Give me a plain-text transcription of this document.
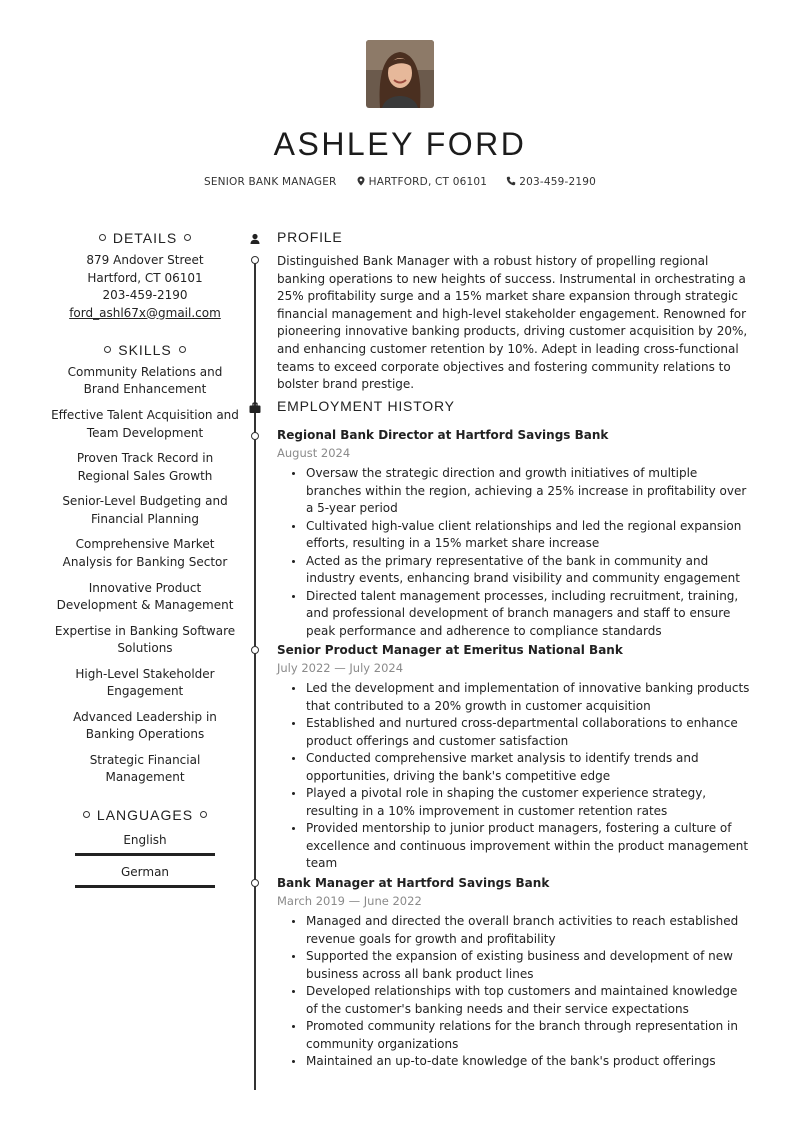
ASHLEY FORD
SENIOR BANK MANAGER	HARTFORD, CT 06101	203-459-2190
DETAILS
879 Andover Street
Hartford, CT 06101
203-459-2190
ford_ashl67x@gmail.com
SKILLS
Community Relations and Brand Enhancement
Effective Talent Acquisition and Team Development
Proven Track Record in Regional Sales Growth
Senior-Level Budgeting and Financial Planning
Comprehensive Market Analysis for Banking Sector
Innovative Product Development & Management
Expertise in Banking Software Solutions
High-Level Stakeholder Engagement
Advanced Leadership in Banking Operations
Strategic Financial Management
LANGUAGES
English
German
PROFILE
Distinguished Bank Manager with a robust history of propelling regional banking operations to new heights of success. Instrumental in orchestrating a 25% profitability surge and a 15% market share expansion through strategic financial management and high-level stakeholder engagement. Renowned for pioneering innovative banking products, driving customer acquisition by 20%, and enhancing customer retention by 10%. Adept in leading cross-functional teams to exceed corporate objectives and fostering community relations to bolster brand prestige.
EMPLOYMENT HISTORY
Regional Bank Director at Hartford Savings Bank
August 2024
Oversaw the strategic direction and growth initiatives of multiple branches within the region, achieving a 25% increase in profitability over a 5-year period
Cultivated high-value client relationships and led the regional expansion efforts, resulting in a 15% market share increase
Acted as the primary representative of the bank in community and industry events, enhancing brand visibility and community engagement
Directed talent management processes, including recruitment, training, and professional development of branch managers and staff to ensure peak performance and adherence to compliance standards
Senior Product Manager at Emeritus National Bank
July 2022 — July 2024
Led the development and implementation of innovative banking products that contributed to a 20% growth in customer acquisition
Established and nurtured cross-departmental collaborations to enhance product offerings and customer satisfaction
Conducted comprehensive market analysis to identify trends and opportunities, driving the bank's competitive edge
Played a pivotal role in shaping the customer experience strategy, resulting in a 10% improvement in customer retention rates
Provided mentorship to junior product managers, fostering a culture of excellence and continuous improvement within the product management team
Bank Manager at Hartford Savings Bank
March 2019 — June 2022
Managed and directed the overall branch activities to reach established revenue goals for growth and profitability
Supported the expansion of existing business and development of new business across all bank product lines
Developed relationships with top customers and maintained knowledge of the customer's banking needs and their service expectations
Promoted community relations for the branch through representation in community organizations
Maintained an up-to-date knowledge of the bank's product offerings
